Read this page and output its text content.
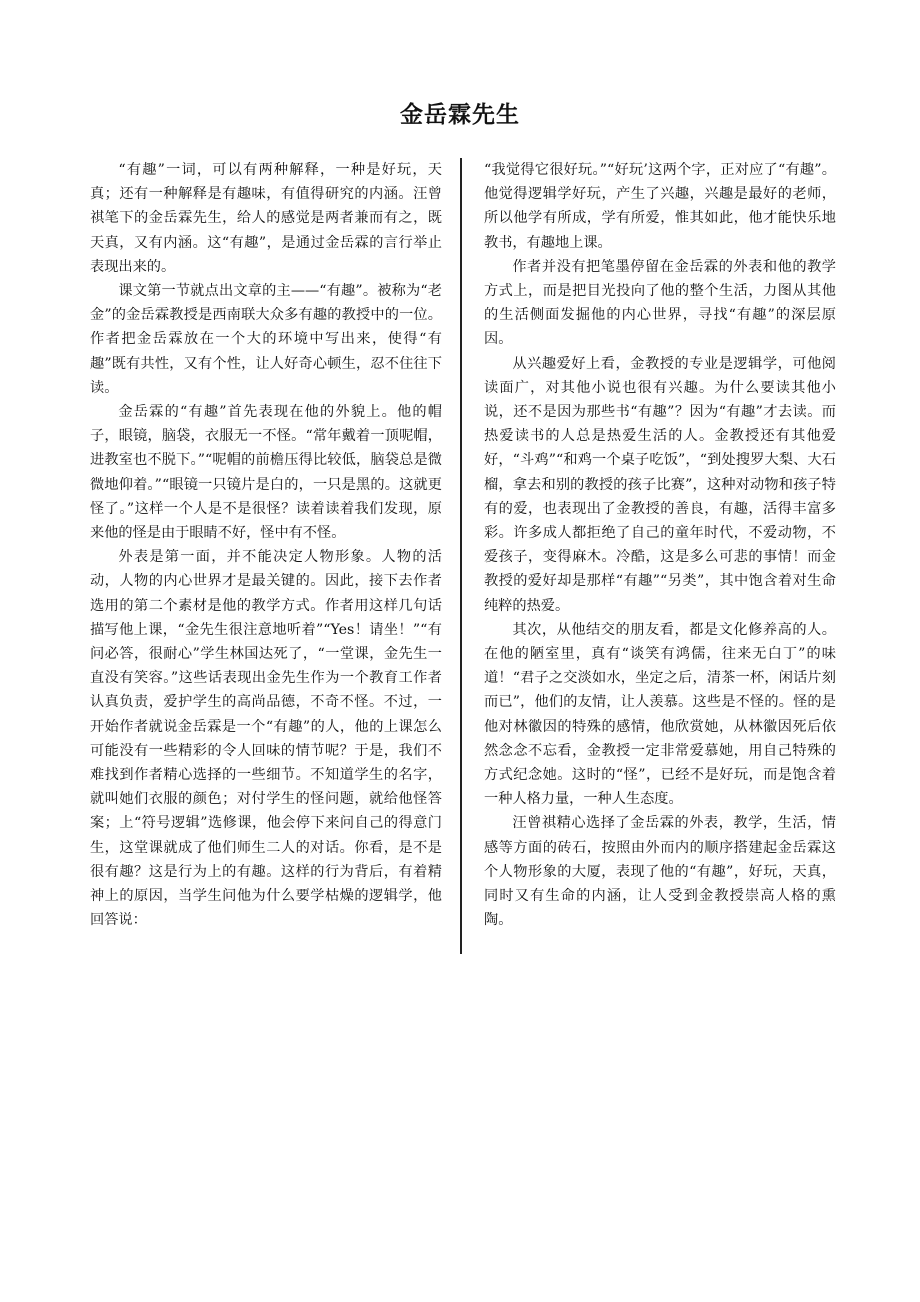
金岳霖先生

“有趣”一词，可以有两种解释，一种是好玩，天真；还有一种解释是有趣味，有值得研究的内涵。汪曾祺笔下的金岳霖先生，给人的感觉是两者兼而有之，既天真，又有内涵。这“有趣”，是通过金岳霖的言行举止表现出来的。

课文第一节就点出文章的主——“有趣”。被称为“老金”的金岳霖教授是西南联大众多有趣的教授中的一位。作者把金岳霖放在一个大的环境中写出来，使得“有趣”既有共性，又有个性，让人好奇心顿生，忍不住往下读。

金岳霖的“有趣”首先表现在他的外貌上。他的帽子，眼镜，脑袋，衣服无一不怪。“常年戴着一顶呢帽，进教室也不脱下。”“呢帽的前檐压得比较低，脑袋总是微微地仰着。”“眼镜一只镜片是白的，一只是黑的。这就更怪了。”这样一个人是不是很怪？读着读着我们发现，原来他的怪是由于眼睛不好，怪中有不怪。

外表是第一面，并不能决定人物形象。人物的活动，人物的内心世界才是最关键的。因此，接下去作者选用的第二个素材是他的教学方式。作者用这样几句话描写他上课，“金先生很注意地听着”“Yes！请坐！”“有问必答，很耐心”学生林国达死了，“一堂课，金先生一直没有笑容。”这些话表现出金先生作为一个教育工作者认真负责，爱护学生的高尚品德，不奇不怪。不过，一开始作者就说金岳霖是一个“有趣”的人，他的上课怎么可能没有一些精彩的令人回味的情节呢？于是，我们不难找到作者精心选择的一些细节。不知道学生的名字，就叫她们衣服的颜色；对付学生的怪问题，就给他怪答案；上“符号逻辑”选修课，他会停下来问自己的得意门生，这堂课就成了他们师生二人的对话。你看，是不是很有趣？这是行为上的有趣。这样的行为背后，有着精神上的原因，当学生问他为什么要学枯燥的逻辑学，他回答说：

“我觉得它很好玩。”“好玩’这两个字，正对应了“有趣”。他觉得逻辑学好玩，产生了兴趣，兴趣是最好的老师，所以他学有所成，学有所爱，惟其如此，他才能快乐地教书，有趣地上课。

作者并没有把笔墨停留在金岳霖的外表和他的教学方式上，而是把目光投向了他的整个生活，力图从其他的生活侧面发掘他的内心世界，寻找“有趣”的深层原因。

从兴趣爱好上看，金教授的专业是逻辑学，可他阅读面广，对其他小说也很有兴趣。为什么要读其他小说，还不是因为那些书“有趣”？因为“有趣”才去读。而热爱读书的人总是热爱生活的人。金教授还有其他爱好，“斗鸡”“和鸡一个桌子吃饭”，“到处搜罗大梨、大石榴，拿去和别的教授的孩子比赛”，这种对动物和孩子特有的爱，也表现出了金教授的善良，有趣，活得丰富多彩。许多成人都拒绝了自己的童年时代，不爱动物，不爱孩子，变得麻木。冷酷，这是多么可悲的事情！而金教授的爱好却是那样“有趣”“另类”，其中饱含着对生命纯粹的热爱。

其次，从他结交的朋友看，都是文化修养高的人。在他的陋室里，真有“谈笑有鸿儒，往来无白丁”的味道！“君子之交淡如水，坐定之后，清茶一杯，闲话片刻而已”，他们的友情，让人羡慕。这些是不怪的。怪的是他对林徽因的特殊的感情，他欣赏她，从林徽因死后依然念念不忘看，金教授一定非常爱慕她，用自己特殊的方式纪念她。这时的“怪”，已经不是好玩，而是饱含着一种人格力量，一种人生态度。

汪曾祺精心选择了金岳霖的外表，教学，生活，情感等方面的砖石，按照由外而内的顺序搭建起金岳霖这个人物形象的大厦，表现了他的“有趣”，好玩，天真，同时又有生命的内涵，让人受到金教授崇高人格的熏陶。
